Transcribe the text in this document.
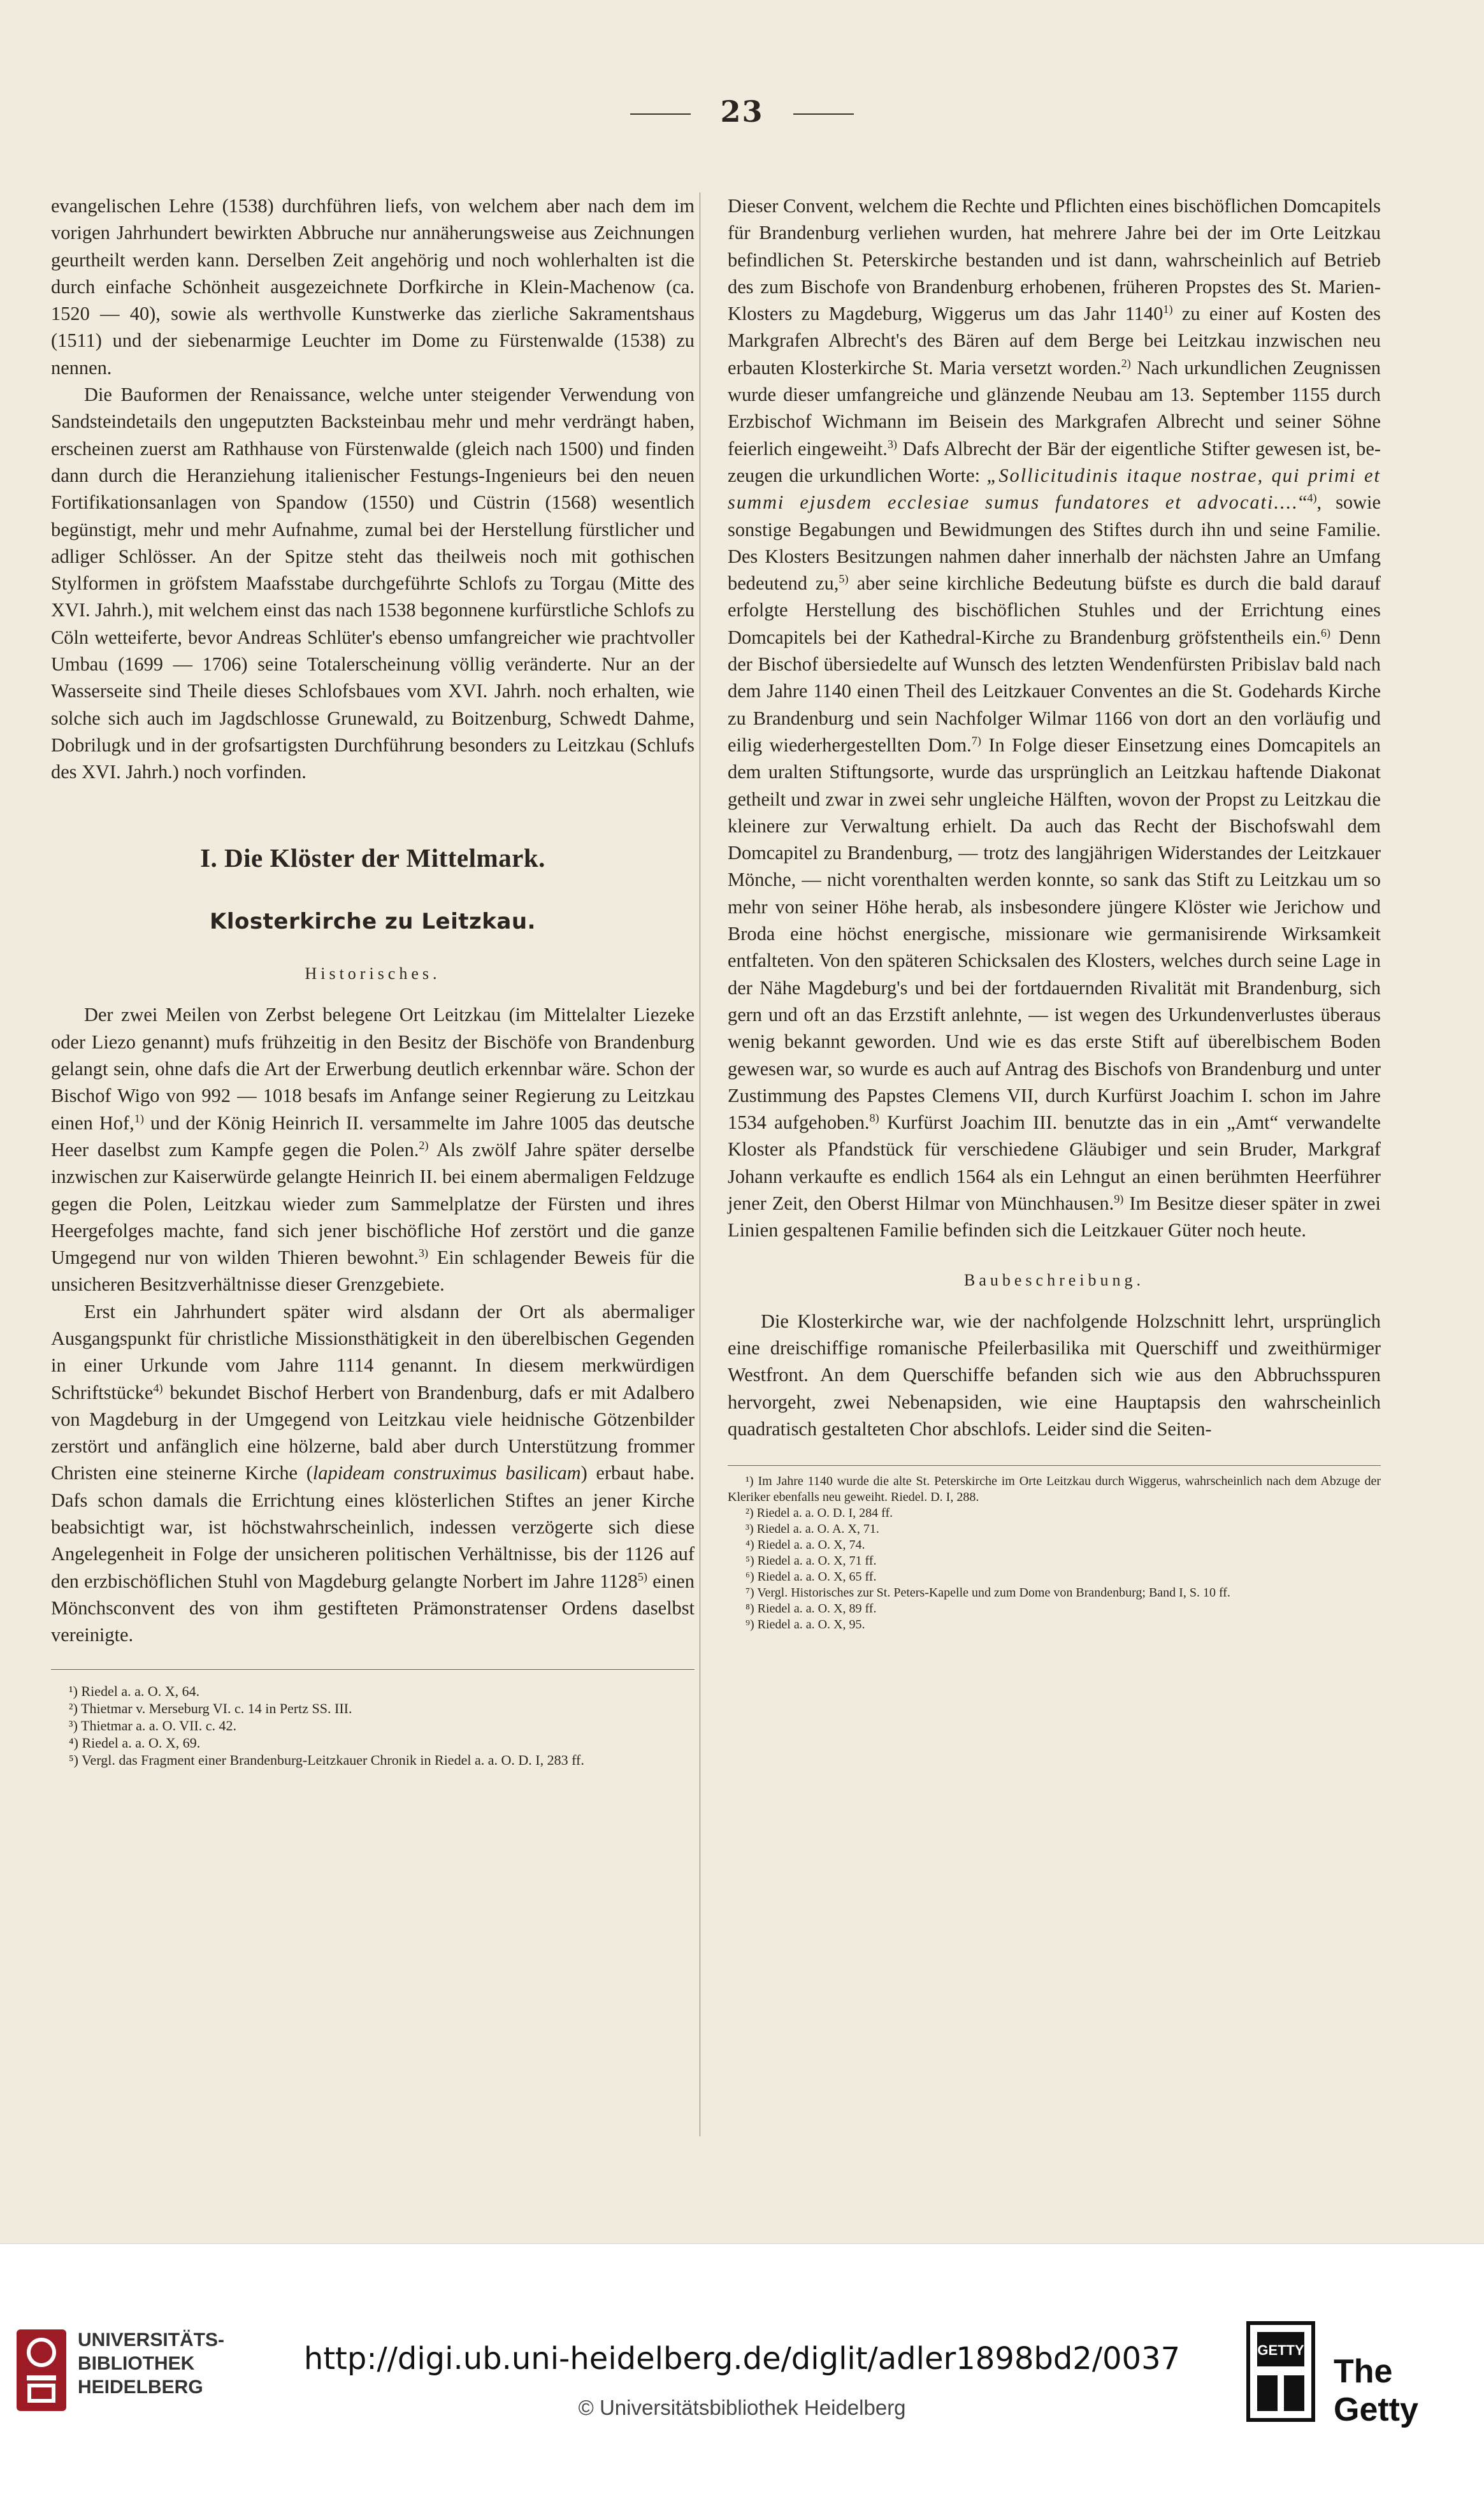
23

evangelischen Lehre (1538) durchführen liefs, von welchem aber nach dem im vorigen Jahrhundert bewirkten Abbruche nur annäherungsweise aus Zeichnungen geurtheilt werden kann. Derselben Zeit angehörig und noch wohlerhalten ist die durch einfache Schönheit ausgezeichnete Dorfkirche in Klein-Machenow (ca. 1520 — 40), sowie als werthvolle Kunstwerke das zierliche Sakramentshaus (1511) und der siebenarmige Leuchter im Dome zu Fürstenwalde (1538) zu nennen.

Die Bauformen der Renaissance, welche unter steigender Verwendung von Sandsteindetails den ungeputzten Backsteinbau mehr und mehr verdrängt haben, erscheinen zuerst am Rathhause von Fürstenwalde (gleich nach 1500) und finden dann durch die Heranziehung italienischer Festungs-Ingenieurs bei den neuen Fortifikationsanlagen von Spandow (1550) und Cüstrin (1568) wesentlich begünstigt, mehr und mehr Aufnahme, zumal bei der Herstellung fürstlicher und adliger Schlösser. An der Spitze steht das theilweis noch mit gothischen Stylformen in gröfstem Maafsstabe durchgeführte Schlofs zu Torgau (Mitte des XVI. Jahrh.), mit welchem einst das nach 1538 begonnene kurfürstliche Schlofs zu Cöln wetteiferte, bevor Andreas Schlüter's ebenso umfangreicher wie prachtvoller Umbau (1699 — 1706) seine Totalerscheinung völlig veränderte. Nur an der Wasserseite sind Theile dieses Schlofsbaues vom XVI. Jahrh. noch erhalten, wie solche sich auch im Jagdschlosse Grunewald, zu Boitzenburg, Schwedt Dahme, Dobrilugk und in der grofsartigsten Durchführung besonders zu Leitzkau (Schlufs des XVI. Jahrh.) noch vorfinden.

I. Die Klöster der Mittelmark.
Klosterkirche zu Leitzkau.
Historisches.

Der zwei Meilen von Zerbst belegene Ort Leitzkau (im Mittelalter Liezeke oder Liezo genannt) mufs frühzeitig in den Besitz der Bischöfe von Brandenburg gelangt sein, ohne dafs die Art der Erwerbung deutlich erkennbar wäre. Schon der Bischof Wigo von 992 — 1018 besafs im Anfange seiner Regierung zu Leitzkau einen Hof,$^{1)}$ und der König Heinrich II. versammelte im Jahre 1005 das deutsche Heer daselbst zum Kampfe gegen die Polen.$^{2)}$ Als zwölf Jahre später derselbe inzwischen zur Kaiserwürde gelangte Heinrich II. bei einem abermaligen Feldzuge gegen die Polen, Leitzkau wieder zum Sammelplatze der Fürsten und ihres Heergefolges machte, fand sich jener bischöfliche Hof zerstört und die ganze Umgegend nur von wilden Thieren bewohnt.$^{3)}$ Ein schlagender Beweis für die unsicheren Besitzverhältnisse dieser Grenzgebiete.

Erst ein Jahrhundert später wird alsdann der Ort als abermaliger Ausgangspunkt für christliche Missionsthätigkeit in den überelbischen Gegenden in einer Urkunde vom Jahre 1114 genannt. In diesem merkwürdigen Schriftstücke$^{4)}$ bekundet Bischof Herbert von Brandenburg, dafs er mit Adalbero von Magdeburg in der Umgegend von Leitzkau viele heidnische Götzenbilder zerstört und anfänglich eine hölzerne, bald aber durch Unterstützung frommer Christen eine steinerne Kirche (lapideam construximus basilicam) erbaut habe. Dafs schon damals die Errichtung eines klösterlichen Stiftes an jener Kirche beabsichtigt war, ist höchstwahrscheinlich, indessen verzögerte sich diese Angelegenheit in Folge der unsicheren politischen Verhältnisse, bis der 1126 auf den erzbischöflichen Stuhl von Magdeburg gelangte Norbert im Jahre 1128$^{5)}$ einen Mönchsconvent des von ihm gestifteten Prämonstratenser Ordens daselbst vereinigte.

¹) Riedel a. a. O. X, 64.

²) Thietmar v. Merseburg VI. c. 14 in Pertz SS. III.

³) Thietmar a. a. O. VII. c. 42.

⁴) Riedel a. a. O. X, 69.

⁵) Vergl. das Fragment einer Brandenburg-Leitzkauer Chronik in Riedel a. a. O. D. I, 283 ff.

Dieser Convent, welchem die Rechte und Pflichten eines bischöflichen Domcapitels für Brandenburg verliehen wurden, hat mehrere Jahre bei der im Orte Leitzkau befindlichen St. Peterskirche bestanden und ist dann, wahrscheinlich auf Betrieb des zum Bischofe von Brandenburg erhobenen, früheren Propstes des St. Marien-Klosters zu Magdeburg, Wiggerus um das Jahr 1140$^{1)}$ zu einer auf Kosten des Markgrafen Albrecht's des Bären auf dem Berge bei Leitzkau inzwischen neu erbauten Klosterkirche St. Maria versetzt worden.$^{2)}$ Nach urkundlichen Zeugnissen wurde dieser umfangreiche und glänzende Neubau am 13. September 1155 durch Erzbischof Wichmann im Beisein des Markgrafen Albrecht und seiner Söhne feierlich eingeweiht.$^{3)}$ Dafs Albrecht der Bär der eigentliche Stifter gewesen ist, bezeugen die urkundlichen Worte: „Sollicitudinis itaque nostrae, qui primi et summi ejusdem ecclesiae sumus fundatores et advocati....“$^{4)}$, sowie sonstige Begabungen und Bewidmungen des Stiftes durch ihn und seine Familie. Des Klosters Besitzungen nahmen daher innerhalb der nächsten Jahre an Umfang bedeutend zu,$^{5)}$ aber seine kirchliche Bedeutung büfste es durch die bald darauf erfolgte Herstellung des bischöflichen Stuhles und der Errichtung eines Domcapitels bei der Kathedral-Kirche zu Brandenburg gröfstentheils ein.$^{6)}$ Denn der Bischof übersiedelte auf Wunsch des letzten Wendenfürsten Pribislav bald nach dem Jahre 1140 einen Theil des Leitzkauer Conventes an die St. Godehards Kirche zu Brandenburg und sein Nachfolger Wilmar 1166 von dort an den vorläufig und eilig wiederhergestellten Dom.$^{7)}$ In Folge dieser Einsetzung eines Domcapitels an dem uralten Stiftungsorte, wurde das ursprünglich an Leitzkau haftende Diakonat getheilt und zwar in zwei sehr ungleiche Hälften, wovon der Propst zu Leitzkau die kleinere zur Verwaltung erhielt. Da auch das Recht der Bischofswahl dem Domcapitel zu Brandenburg, — trotz des langjährigen Widerstandes der Leitzkauer Mönche, — nicht vorenthalten werden konnte, so sank das Stift zu Leitzkau um so mehr von seiner Höhe herab, als insbesondere jüngere Klöster wie Jerichow und Broda eine höchst energische, missionare wie germanisirende Wirksamkeit entfalteten. Von den späteren Schicksalen des Klosters, welches durch seine Lage in der Nähe Magdeburg's und bei der fortdauernden Rivalität mit Brandenburg, sich gern und oft an das Erzstift anlehnte, — ist wegen des Urkundenverlustes überaus wenig bekannt geworden. Und wie es das erste Stift auf überelbischem Boden gewesen war, so wurde es auch auf Antrag des Bischofs von Brandenburg und unter Zustimmung des Papstes Clemens VII, durch Kurfürst Joachim I. schon im Jahre 1534 aufgehoben.$^{8)}$ Kurfürst Joachim III. benutzte das in ein „Amt“ verwandelte Kloster als Pfandstück für verschiedene Gläubiger und sein Bruder, Markgraf Johann verkaufte es endlich 1564 als ein Lehngut an einen berühmten Heerführer jener Zeit, den Oberst Hilmar von Münchhausen.$^{9)}$ Im Besitze dieser später in zwei Linien gespaltenen Familie befinden sich die Leitzkauer Güter noch heute.

Baubeschreibung.

Die Klosterkirche war, wie der nachfolgende Holzschnitt lehrt, ursprünglich eine dreischiffige romanische Pfeilerbasilika mit Querschiff und zweithürmiger Westfront. An dem Querschiffe befanden sich wie aus den Abbruchsspuren hervorgeht, zwei Nebenapsiden, wie eine Hauptapsis den wahrscheinlich quadratisch gestalteten Chor abschlofs. Leider sind die Seiten-

¹) Im Jahre 1140 wurde die alte St. Peterskirche im Orte Leitzkau durch Wiggerus, wahrscheinlich nach dem Abzuge der Kleriker ebenfalls neu geweiht. Riedel. D. I, 288.

²) Riedel a. a. O. D. I, 284 ff.

³) Riedel a. a. O. A. X, 71.

⁴) Riedel a. a. O. X, 74.

⁵) Riedel a. a. O. X, 71 ff.

⁶) Riedel a. a. O. X, 65 ff.

⁷) Vergl. Historisches zur St. Peters-Kapelle und zum Dome von Brandenburg; Band I, S. 10 ff.

⁸) Riedel a. a. O. X, 89 ff.

⁹) Riedel a. a. O. X, 95.

UNIVERSITÄTS-
BIBLIOTHEK
HEIDELBERG
http://digi.ub.uni-heidelberg.de/diglit/adler1898bd2/0037
© Universitätsbibliothek Heidelberg
GETTY
The Getty
